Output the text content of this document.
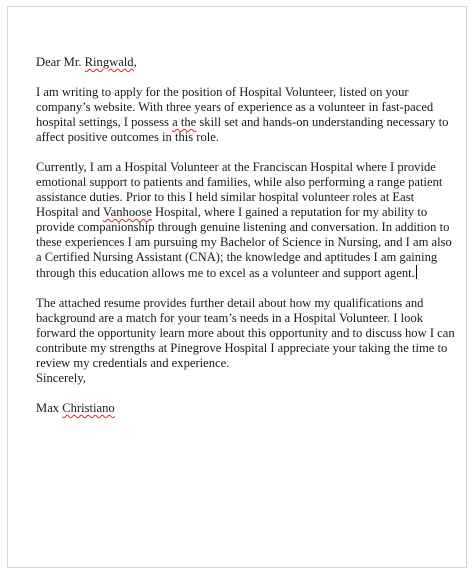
Dear Mr. Ringwald,

I am writing to apply for the position of Hospital Volunteer, listed on your company’s website. With three years of experience as a volunteer in fast-paced hospital settings, I possess a the skill set and hands-on understanding necessary to affect positive outcomes in this role.

Currently, I am a Hospital Volunteer at the Franciscan Hospital where I provide emotional support to patients and families, while also performing a range patient assistance duties. Prior to this I held similar hospital volunteer roles at East Hospital and Vanhoose Hospital, where I gained a reputation for my ability to provide companionship through genuine listening and conversation. In addition to these experiences I am pursuing my Bachelor of Science in Nursing, and I am also a Certified Nursing Assistant (CNA); the knowledge and aptitudes I am gaining through this education allows me to excel as a volunteer and support agent.

The attached resume provides further detail about how my qualifications and background are a match for your team’s needs in a Hospital Volunteer. I look forward the opportunity learn more about this opportunity and to discuss how I can contribute my strengths at Pinegrove Hospital I appreciate your taking the time to review my credentials and experience.

Sincerely,

Max Christiano
